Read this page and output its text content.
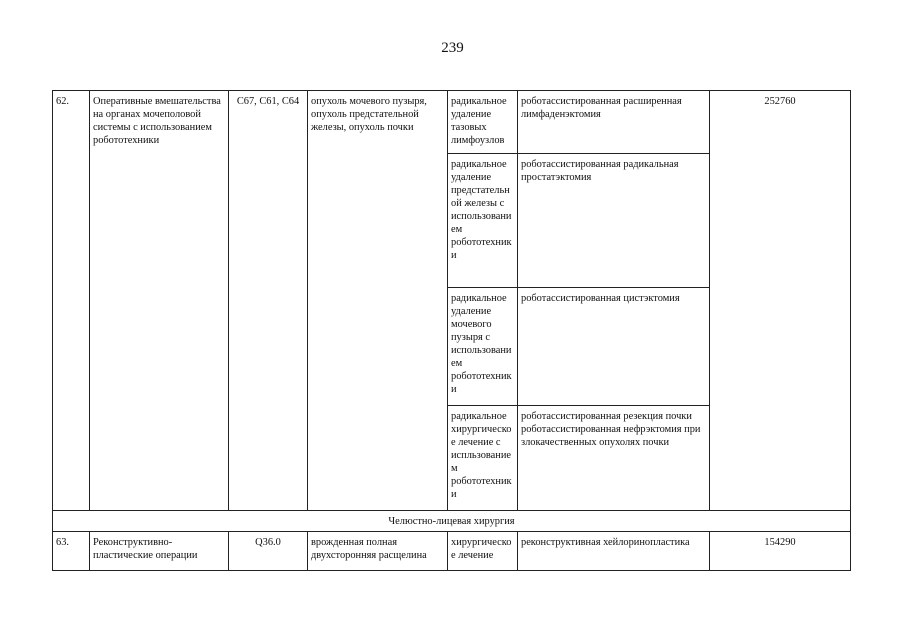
239
62.	Оперативные вмешательства на органах мочеполовой системы с использованием робототехники	C67, C61, C64	опухоль мочевого пузыря, опухоль предстательной железы, опухоль почки	радикальное удаление тазовых лимфоузлов	роботассистированная расширенная лимфаденэктомия	252760
				радикальное удаление предстательной железы с использованием робототехники	роботассистированная радикальная простатэктомия	
				радикальное удаление мочевого пузыря с использованием робототехники	роботассистированная цистэктомия	
				радикальное хирургическое лечение с испльзованием робототехники	роботассистированная резекция почки роботассистированная нефрэктомия при злокачественных опухолях почки	
Челюстно-лицевая хирургия						
63.	Реконструктивно-пластические операции	Q36.0	врожденная полная двухсторонняя расщелина	хирургическое лечение	реконструктивная хейлоринопластика	154290
